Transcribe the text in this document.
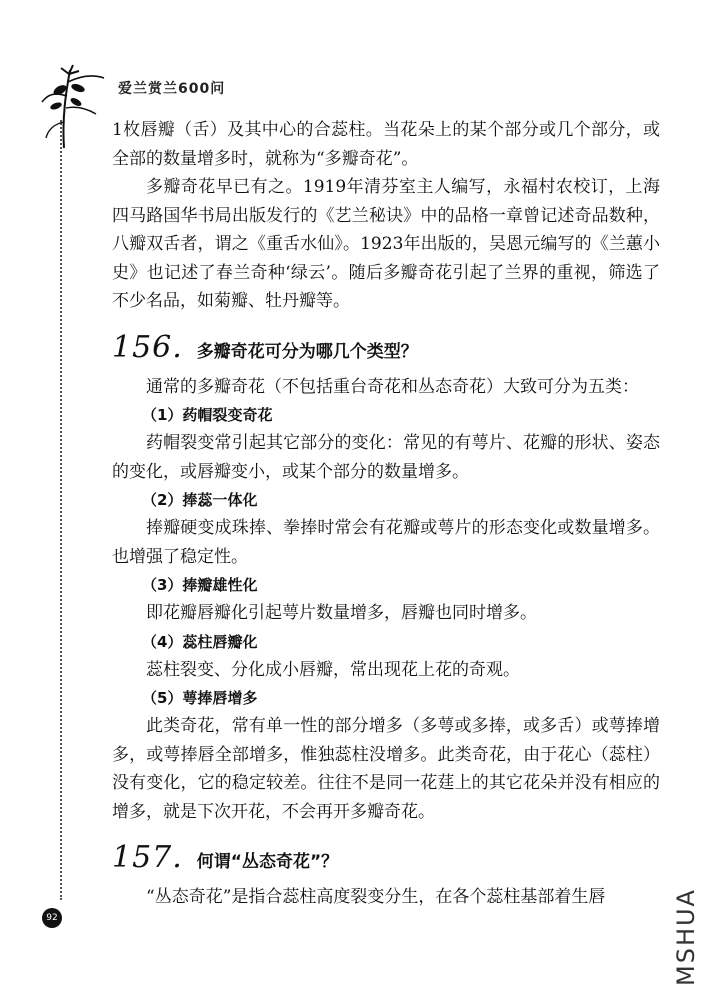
爱兰赏兰600问

1枚唇瓣（舌）及其中心的合蕊柱。当花朵上的某个部分或几个部分，或全部的数量增多时，就称为“多瓣奇花”。

多瓣奇花早已有之。1919年清芬室主人编写，永福村农校订，上海四马路国华书局出版发行的《艺兰秘诀》中的品格一章曾记述奇品数种，八瓣双舌者，谓之《重舌水仙》。1923年出版的，吴恩元编写的《兰蕙小史》也记述了春兰奇种‘绿云’。随后多瓣奇花引起了兰界的重视，筛选了不少名品，如菊瓣、牡丹瓣等。

156. 多瓣奇花可分为哪几个类型？

通常的多瓣奇花（不包括重台奇花和丛态奇花）大致可分为五类：

（1）药帽裂变奇花

药帽裂变常引起其它部分的变化：常见的有萼片、花瓣的形状、姿态的变化，或唇瓣变小，或某个部分的数量增多。

（2）捧蕊一体化

捧瓣硬变成珠捧、拳捧时常会有花瓣或萼片的形态变化或数量增多。也增强了稳定性。

（3）捧瓣雄性化

即花瓣唇瓣化引起萼片数量增多，唇瓣也同时增多。

（4）蕊柱唇瓣化

蕊柱裂变、分化成小唇瓣，常出现花上花的奇观。

（5）萼捧唇增多

此类奇花，常有单一性的部分增多（多萼或多捧，或多舌）或萼捧增多，或萼捧唇全部增多，惟独蕊柱没增多。此类奇花，由于花心（蕊柱）没有变化，它的稳定较差。往往不是同一花莛上的其它花朵并没有相应的增多，就是下次开花，不会再开多瓣奇花。

157. 何谓“丛态奇花”？

“丛态奇花”是指合蕊柱高度裂变分生，在各个蕊柱基部着生唇

92	MSHUA
